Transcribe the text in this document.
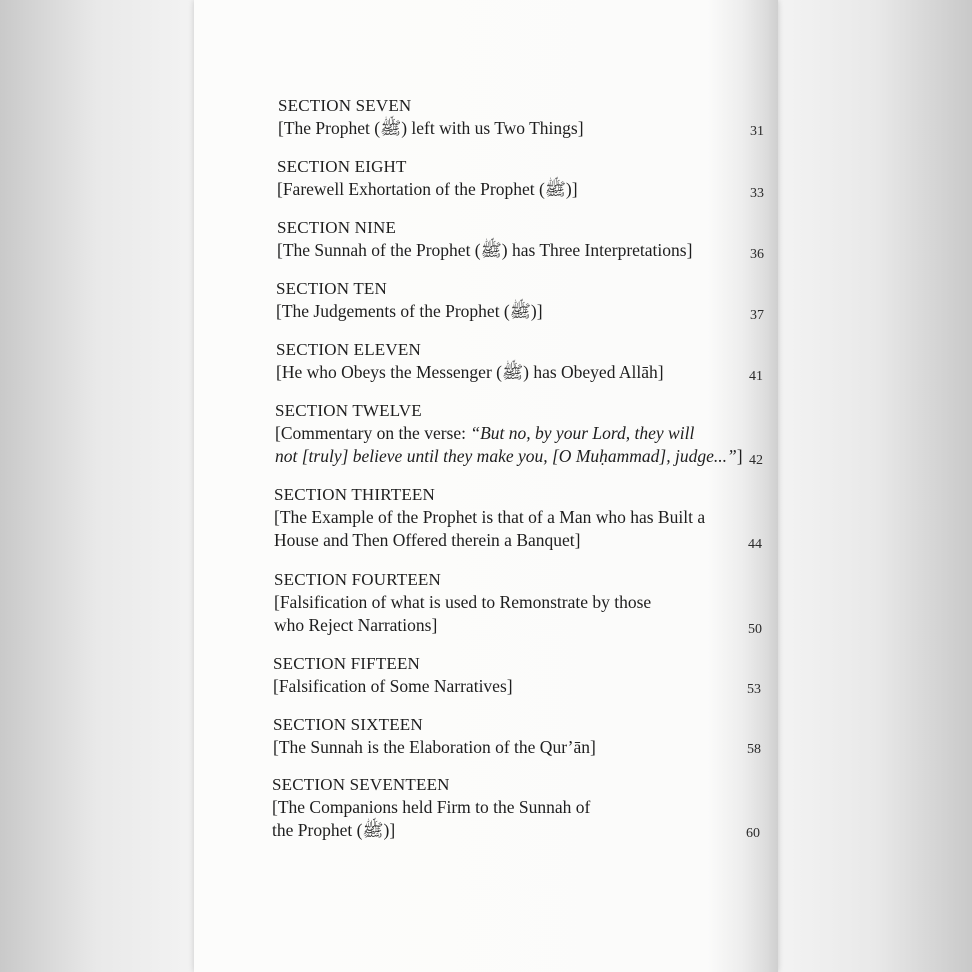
SECTION SEVEN
[The Prophet (ﷺ) left with us Two Things]	31
SECTION EIGHT
[Farewell Exhortation of the Prophet (ﷺ)]	33
SECTION NINE
[The Sunnah of the Prophet (ﷺ) has Three Interpretations]	36
SECTION TEN
[The Judgements of the Prophet (ﷺ)]	37
SECTION ELEVEN
[He who Obeys the Messenger (ﷺ) has Obeyed Allāh]	41
SECTION TWELVE
[Commentary on the verse: “But no, by your Lord, they will
not [truly] believe until they make you, [O Muḥammad], judge...”] 42
SECTION THIRTEEN
[The Example of the Prophet is that of a Man who has Built a
House and Then Offered therein a Banquet]	44
SECTION FOURTEEN
[Falsification of what is used to Remonstrate by those
who Reject Narrations]	50
SECTION FIFTEEN
[Falsification of Some Narratives]	53
SECTION SIXTEEN
[The Sunnah is the Elaboration of the Qur’ān]	58
SECTION SEVENTEEN
[The Companions held Firm to the Sunnah of
the Prophet (ﷺ)]	60
